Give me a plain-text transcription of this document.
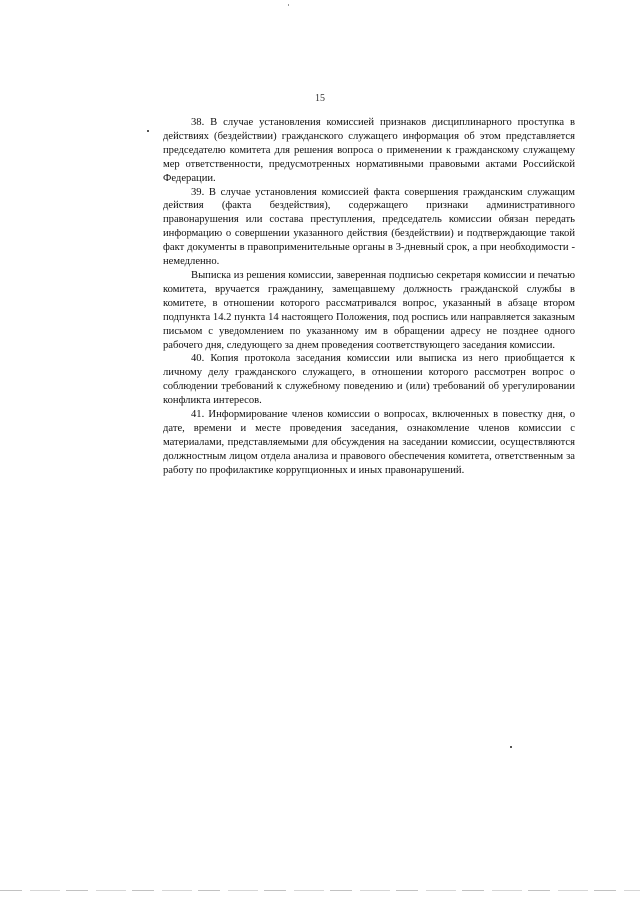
15

38. В случае установления комиссией признаков дисциплинарного проступка в действиях (бездействии) гражданского служащего информация об этом представляется председателю комитета для решения вопроса о применении к гражданскому служащему мер ответственности, предусмотренных нормативными правовыми актами Российской Федерации.

39. В случае установления комиссией факта совершения гражданским служащим действия (факта бездействия), содержащего признаки административного правонарушения или состава преступления, председатель комиссии обязан передать информацию о совершении указанного действия (бездействии) и подтверждающие такой факт документы в правоприменительные органы в 3-дневный срок, а при необходимости - немедленно.

Выписка из решения комиссии, заверенная подписью секретаря комиссии и печатью комитета, вручается гражданину, замещавшему должность гражданской службы в комитете, в отношении которого рассматривался вопрос, указанный в абзаце втором подпункта 14.2 пункта 14 настоящего Положения, под роспись или направляется заказным письмом с уведомлением по указанному им в обращении адресу не позднее одного рабочего дня, следующего за днем проведения соответствующего заседания комиссии.

40. Копия протокола заседания комиссии или выписка из него приобщается к личному делу гражданского служащего, в отношении которого рассмотрен вопрос о соблюдении требований к служебному поведению и (или) требований об урегулировании конфликта интересов.

41. Информирование членов комиссии о вопросах, включенных в повестку дня, о дате, времени и месте проведения заседания, ознакомление членов комиссии с материалами, представляемыми для обсуждения на заседании комиссии, осуществляются должностным лицом отдела анализа и правового обеспечения комитета, ответственным за работу по профилактике коррупционных и иных правонарушений.
